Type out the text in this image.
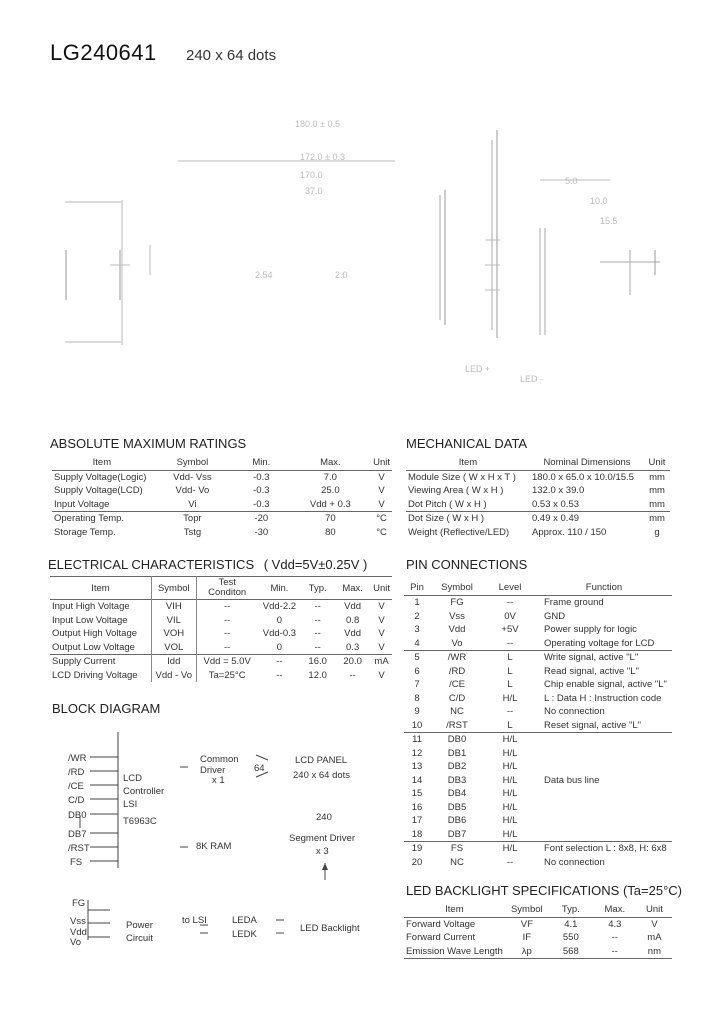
LG240641 240 x 64 dots
180.0 ± 0.5
172.0 ± 0.3
170.0
37.0
5.0
10.0
15.5
2.54	2.0
LED +
LED -
ABSOLUTE MAXIMUM RATINGS
Item	Symbol	Min.	Max.	Unit
Supply Voltage(Logic)	Vdd- Vss	-0.3	7.0	V
Supply Voltage(LCD)	Vdd- Vo	-0.3	25.0	V
Input Voltage	Vi	-0.3	Vdd + 0.3	V
Operating Temp.	Topr	-20	70	°C
Storage Temp.	Tstg	-30	80	°C
MECHANICAL DATA
Item	Nominal Dimensions	Unit
Module Size ( W x H x T )	180.0 x 65.0 x 10.0/15.5	mm
Viewing Area ( W x H )	132.0 x 39.0	mm
Dot Pitch ( W x H )	0.53 x 0.53	mm
Dot Size ( W x H )	0.49 x 0.49	mm
Weight (Reflective/LED)	Approx. 110 / 150	g
ELECTRICAL CHARACTERISTICS ( Vdd=5V±0.25V )
Item	Symbol	Test Conditon	Min.	Typ.	Max.	Unit
Input High Voltage	VIH	--	Vdd-2.2	--	Vdd	V
Input Low Voltage	VIL	--	0	--	0.8	V
Output High Voltage	VOH	--	Vdd-0.3	--	Vdd	V
Output Low Voltage	VOL	--	0	--	0.3	V
Supply Current	Idd	Vdd = 5.0V	--	16.0	20.0	mA
LCD Driving Voltage	Vdd - Vo	Ta=25°C	--	12.0	--	V
PIN CONNECTIONS
Pin	Symbol	Level	Function
1	FG	--	Frame ground
2	Vss	0V	GND
3	Vdd	+5V	Power supply for logic
4	Vo	--	Operating voltage for LCD
5	/WR	L	Write signal, active "L"
6	/RD	L	Read signal, active "L"
7	/CE	L	Chip enable signal, active "L"
8	C/D	H/L	L : Data H : Instruction code
9	NC	--	No connection
10	/RST	L	Reset signal, active "L"
11	DB0	H/L	
12	DB1	H/L	
13	DB2	H/L	
14	DB3	H/L	Data bus line
15	DB4	H/L	
16	DB5	H/L	
17	DB6	H/L	
18	DB7	H/L	
19	FS	H/L	Font selection L : 8x8, H: 6x8
20	NC	--	No connection
BLOCK DIAGRAM
/WR
/RD
/CE
C/D
DB0
DB7
/RST
FS
LCD
Controller
LSI
T6963C
Common
Driver
x 1
64
LCD PANEL
240 x 64 dots
240
8K RAM
Segment Driver
x 3
FG
Vss
Vdd
Vo
Power
Circuit
to LSI	LEDA
LEDK
LED Backlight
LED BACKLIGHT SPECIFICATIONS (Ta=25°C)
Item	Symbol	Typ.	Max.	Unit
Forward Voltage	VF	4.1	4.3	V
Forward Current	IF	550	--	mA
Emission Wave Length	λp	568	--	nm
